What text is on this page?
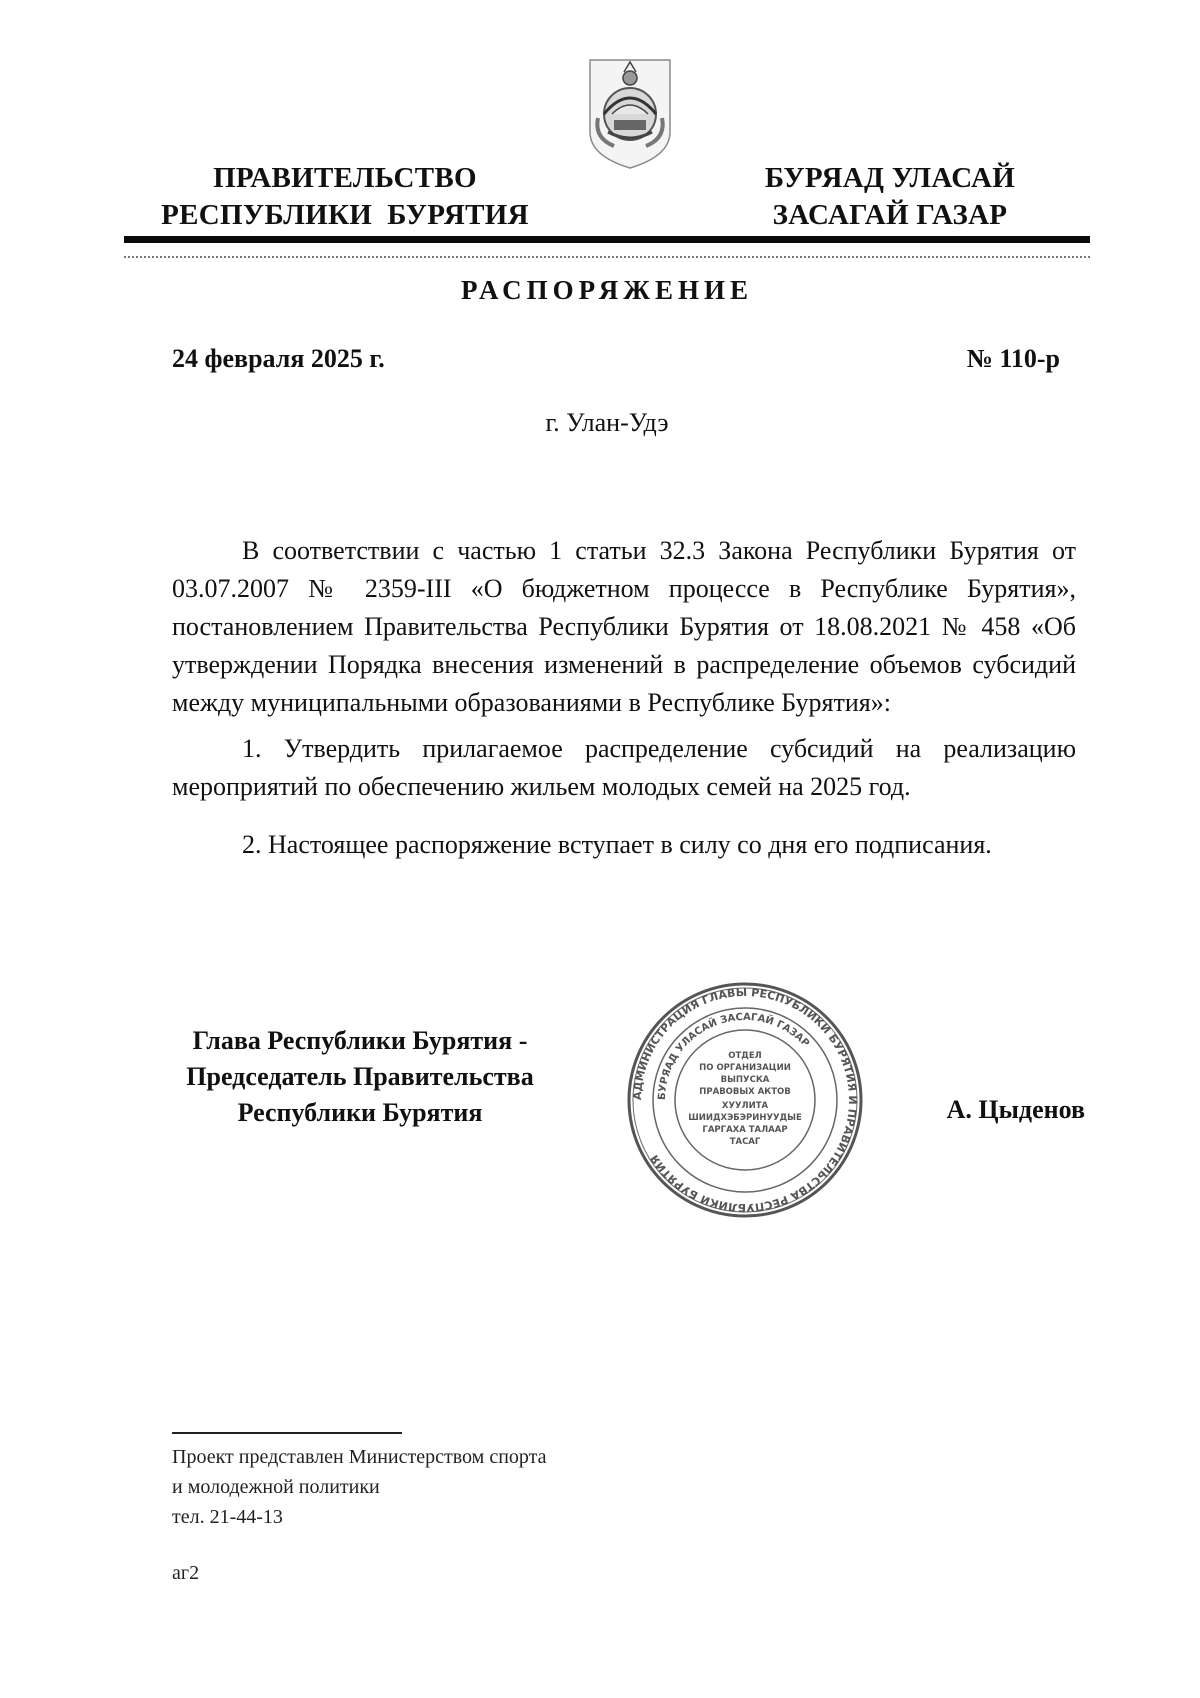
ПРАВИТЕЛЬСТВО
РЕСПУБЛИКИ  БУРЯТИЯ
БУРЯАД УЛАСАЙ
ЗАСАГАЙ ГАЗАР
РАСПОРЯЖЕНИЕ
24 февраля 2025 г.	№ 110-р
г. Улан-Удэ

В соответствии с частью 1 статьи 32.3 Закона Республики Бурятия от 03.07.2007 № 2359-III «О бюджетном процессе в Республике Бурятия», постановлением Правительства Республики Бурятия от 18.08.2021 № 458 «Об утверждении Порядка внесения изменений в распределение объемов субсидий между муниципальными образованиями в Республике Бурятия»:

1. Утвердить прилагаемое распределение субсидий на реализацию мероприятий по обеспечению жильем молодых семей на 2025 год.

2. Настоящее распоряжение вступает в силу со дня его подписания.

Глава Республики Бурятия -
Председатель Правительства
Республики Бурятия
АДМИНИСТРАЦИЯ ГЛАВЫ РЕСПУБЛИКИ БУРЯТИЯ И ПРАВИТЕЛЬСТВА РЕСПУБЛИКИ БУРЯТИЯ
БУРЯАД УЛАСАЙ ЗАСАГАЙ ГАЗАР
ОТДЕЛ
ПО ОРГАНИЗАЦИИ
ВЫПУСКА
ПРАВОВЫХ АКТОВ
ХУУЛИТА
ШИИДХЭБЭРИНУУДЫЕ
ГАРГАХА ТАЛААР
ТАСАГ
А. Цыденов
Проект представлен Министерством спорта
и молодежной политики
тел. 21-44-13
аг2
